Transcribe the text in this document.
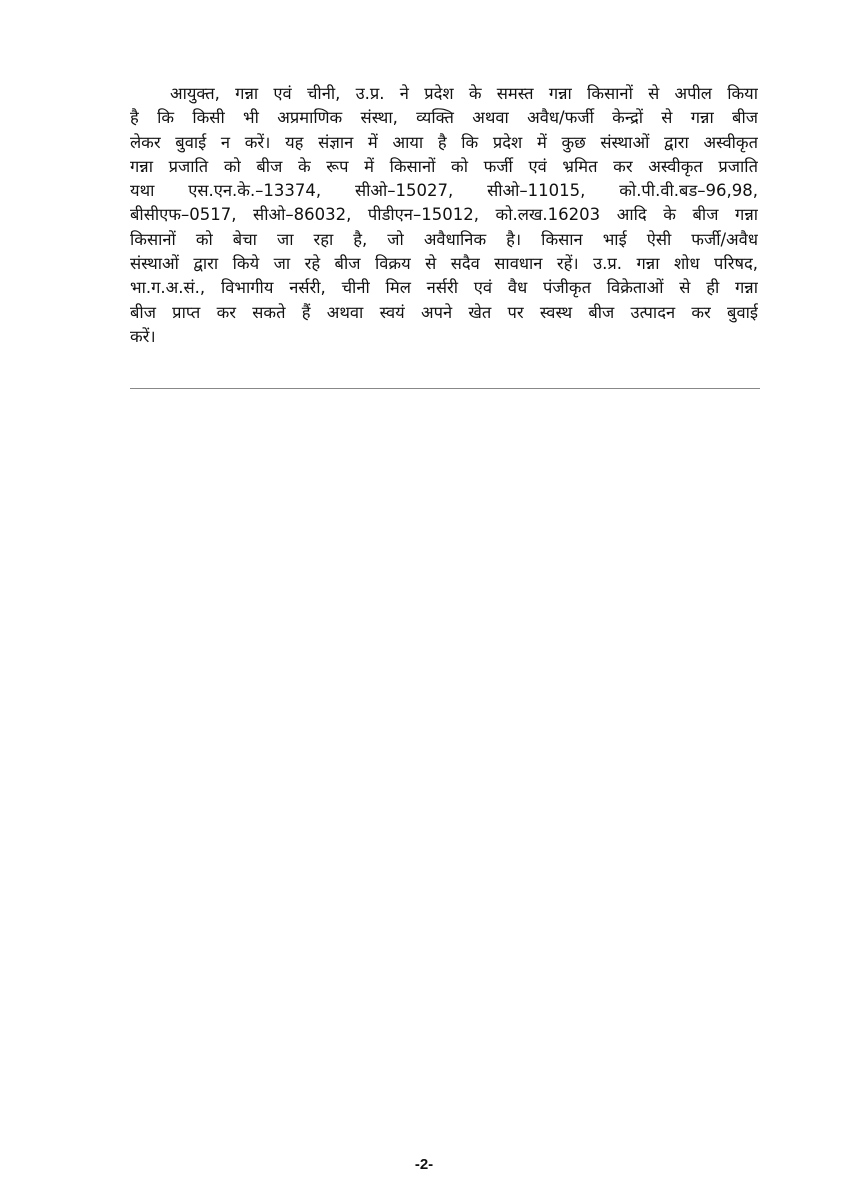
आयुक्त, गन्ना एवं चीनी, उ.प्र. ने प्रदेश के समस्त गन्ना किसानों से अपील किया
है कि किसी भी अप्रमाणिक संस्था, व्यक्ति अथवा अवैध/फर्जी केन्द्रों से गन्ना बीज
लेकर बुवाई न करें। यह संज्ञान में आया है कि प्रदेश में कुछ संस्थाओं द्वारा अस्वीकृत
गन्ना प्रजाति को बीज के रूप में किसानों को फर्जी एवं भ्रमित कर अस्वीकृत प्रजाति
यथा एस.एन.के.–13374, सीओ–15027, सीओ–11015, को.पी.वी.बड–96,98,
बीसीएफ–0517, सीओ–86032, पीडीएन–15012, को.लख.16203 आदि के बीज गन्ना
किसानों को बेचा जा रहा है, जो अवैधानिक है। किसान भाई ऐसी फर्जी/अवैध
संस्थाओं द्वारा किये जा रहे बीज विक्रय से सदैव सावधान रहें। उ.प्र. गन्ना शोध परिषद,
भा.ग.अ.सं., विभागीय नर्सरी, चीनी मिल नर्सरी एवं वैध पंजीकृत विक्रेताओं से ही गन्ना
बीज प्राप्त कर सकते हैं अथवा स्वयं अपने खेत पर स्वस्थ बीज उत्पादन कर बुवाई
करें।

-2-
